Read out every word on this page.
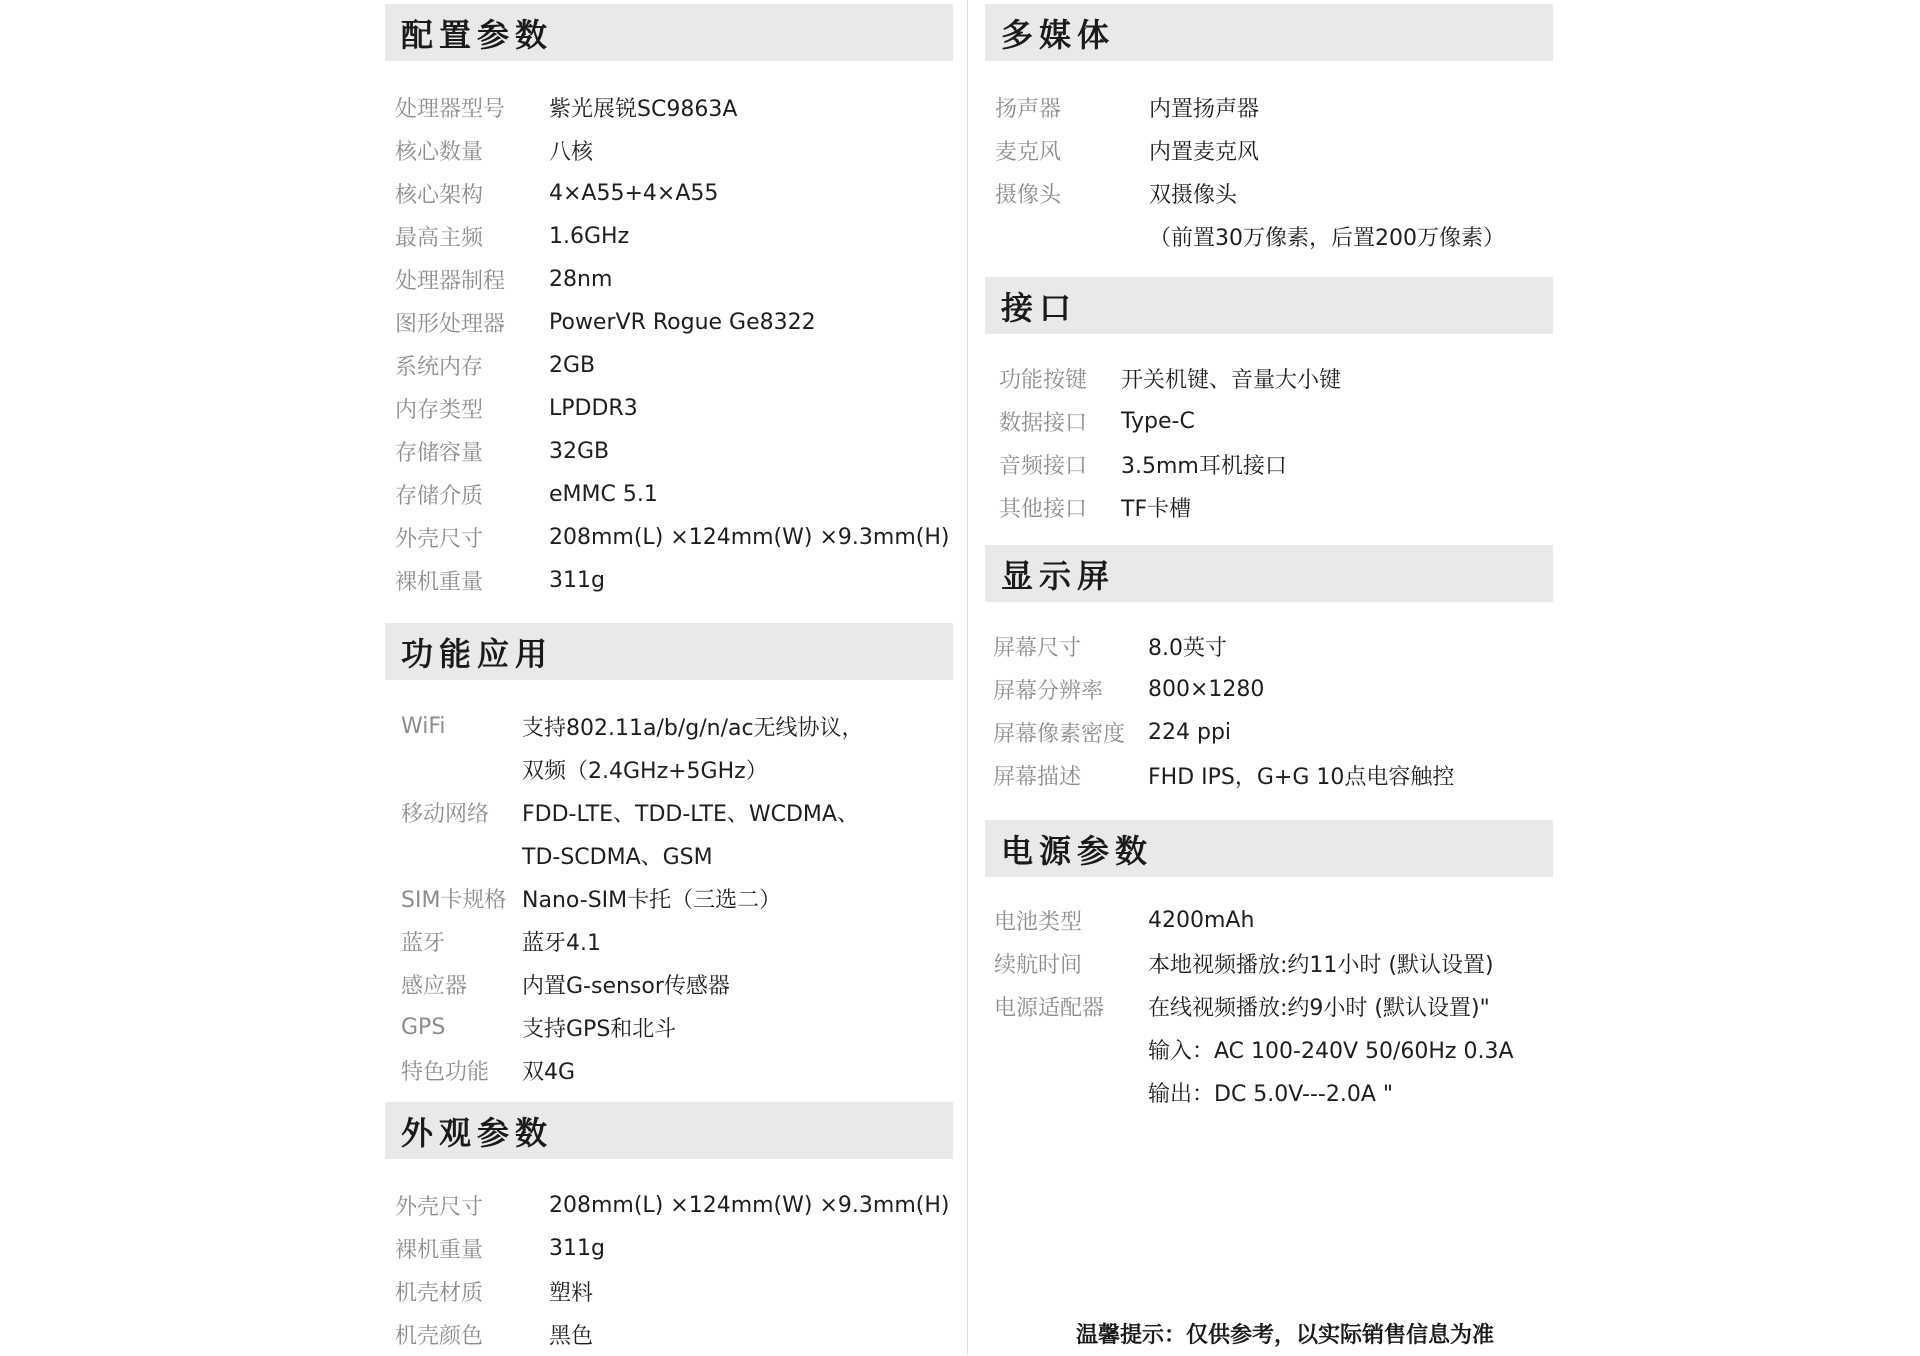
配置参数
处理器型号 紫光展锐SC9863A
核心数量	八核
核心架构	4×A55+4×A55
最高主频	1.6GHz
处理器制程 28nm
图形处理器 PowerVR Rogue Ge8322
系统内存	2GB
内存类型	LPDDR3
存储容量	32GB
存储介质	eMMC 5.1
外壳尺寸	208mm(L) ×124mm(W) ×9.3mm(H)
裸机重量	311g
功能应用
WiFi	支持802.11a/b/g/n/ac无线协议，
双频（2.4GHz+5GHz）
移动网络 FDD-LTE、TDD-LTE、WCDMA、
TD-SCDMA、GSM
SIM卡规格 Nano-SIM卡托（三选二）
蓝牙	蓝牙4.1
感应器 内置G-sensor传感器
GPS	支持GPS和北斗
特色功能 双4G
外观参数
外壳尺寸	208mm(L) ×124mm(W) ×9.3mm(H)
裸机重量	311g
机壳材质	塑料
机壳颜色	黑色
多媒体
扬声器	内置扬声器
麦克风	内置麦克风
摄像头	双摄像头
（前置30万像素，后置200万像素）
接口
功能按键 开关机键、音量大小键
数据接口 Type-C
音频接口 3.5mm耳机接口
其他接口 TF卡槽
显示屏
屏幕尺寸	8.0英寸
屏幕分辨率 800×1280
屏幕像素密度 224 ppi
屏幕描述	FHD IPS，G+G 10点电容触控
电源参数
电池类型	4200mAh
续航时间	本地视频播放:约11小时 (默认设置)
电源适配器 在线视频播放:约9小时 (默认设置)"
输入：AC 100-240V 50/60Hz 0.3A
输出：DC 5.0V---2.0A "
温馨提示：仅供参考，以实际销售信息为准
